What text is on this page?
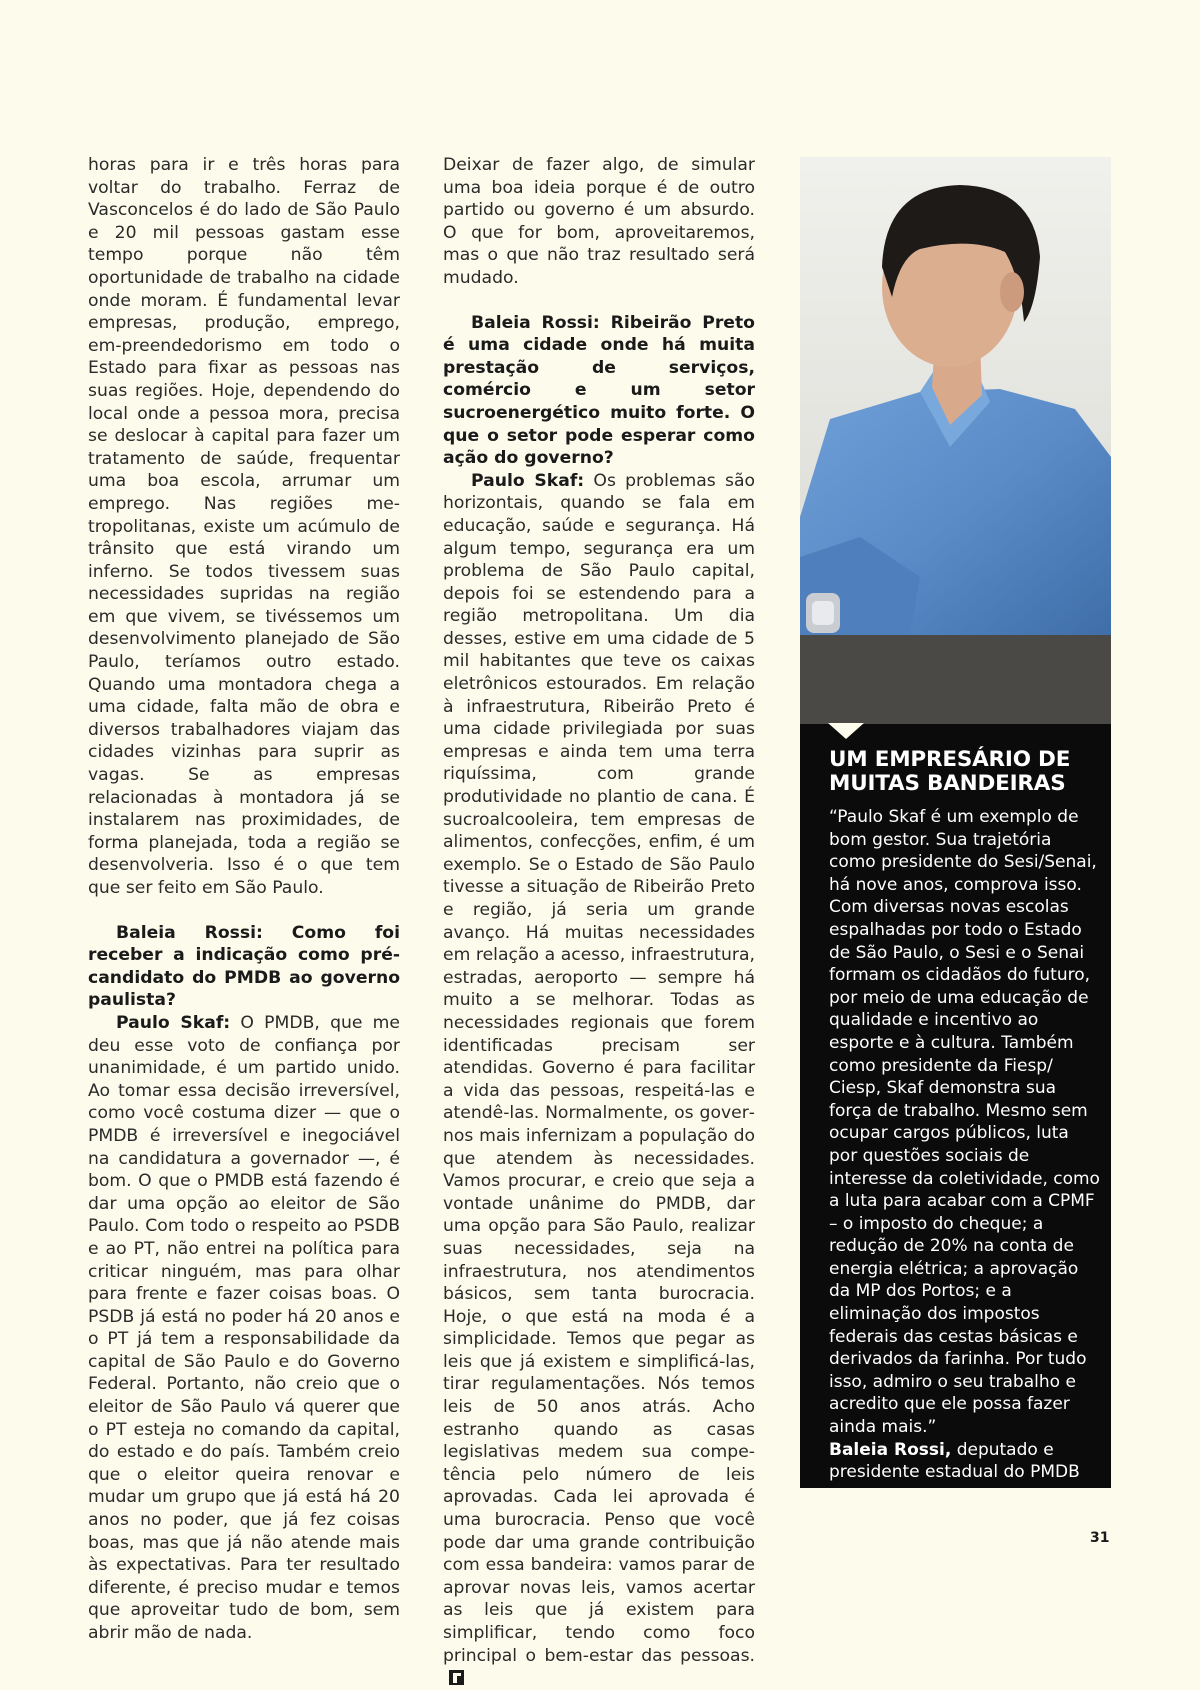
horas para ir e três horas para voltar do trabalho. Ferraz de Vasconcelos é do lado de São Paulo e 20 mil pessoas gastam esse tempo porque não têm oportunidade de trabalho na cidade onde moram. É fundamental levar empresas, produção, emprego, em-preendedorismo em todo o Estado para fixar as pessoas nas suas regiões. Hoje, dependendo do local onde a pessoa mora, precisa se deslocar à capital para fazer um tratamento de saúde, frequentar uma boa escola, arrumar um emprego. Nas regiões metropolitanas, existe um acúmulo de trânsito que está virando um inferno. Se todos tivessem suas necessidades supridas na região em que vivem, se tivéssemos um desenvolvimento planejado de São Paulo, teríamos outro estado. Quando uma montadora chega a uma cidade, falta mão de obra e diversos trabalhadores viajam das cidades vizinhas para suprir as vagas. Se as empresas relacionadas à montadora já se instalarem nas proximidades, de forma planejada, toda a região se desenvolveria. Isso é o que tem que ser feito em São Paulo.

Baleia Rossi: Como foi receber a indicação como pré-candidato do PMDB ao governo paulista?

Paulo Skaf: O PMDB, que me deu esse voto de confiança por unanimidade, é um partido unido. Ao tomar essa decisão irreversível, como você costuma dizer — que o PMDB é irreversível e inegociável na candidatura a governador —, é bom. O que o PMDB está fazendo é dar uma opção ao eleitor de São Paulo. Com todo o respeito ao PSDB e ao PT, não entrei na política para criticar ninguém, mas para olhar para frente e fazer coisas boas. O PSDB já está no poder há 20 anos e o PT já tem a responsabilidade da capital de São Paulo e do Governo Federal. Portanto, não creio que o eleitor de São Paulo vá querer que o PT esteja no comando da capital, do estado e do país. Também creio que o eleitor queira renovar e mudar um grupo que já está há 20 anos no poder, que já fez coisas boas, mas que já não atende mais às expectativas. Para ter resultado diferente, é preciso mudar e temos que aproveitar tudo de bom, sem abrir mão de nada.

Deixar de fazer algo, de simular uma boa ideia porque é de outro partido ou governo é um absurdo. O que for bom, aproveitaremos, mas o que não traz resultado será mudado.

Baleia Rossi: Ribeirão Preto é uma cidade onde há muita prestação de serviços, comércio e um setor sucroenergético muito forte. O que o setor pode esperar como ação do governo?

Paulo Skaf: Os problemas são horizontais, quando se fala em educação, saúde e segurança. Há algum tempo, segurança era um problema de São Paulo capital, depois foi se estendendo para a região metropolitana. Um dia desses, estive em uma cidade de 5 mil habitantes que teve os caixas eletrônicos estourados. Em relação à infraestrutura, Ribeirão Preto é uma cidade privilegiada por suas empresas e ainda tem uma terra riquíssima, com grande produtividade no plantio de cana. É sucroalcooleira, tem empresas de alimentos, confecções, enfim, é um exemplo. Se o Estado de São Paulo tivesse a situação de Ribeirão Preto e região, já seria um grande avanço. Há muitas necessidades em relação a acesso, infraestrutura, estradas, aeroporto — sempre há muito a se melhorar. Todas as necessidades regionais que forem identificadas precisam ser atendidas. Governo é para facilitar a vida das pessoas, respeitá-las e atendê-las. Normalmente, os governos mais infernizam a população do que atendem às necessidades. Vamos procurar, e creio que seja a vontade unânime do PMDB, dar uma opção para São Paulo, realizar suas necessidades, seja na infraestrutura, nos atendimentos básicos, sem tanta burocracia. Hoje, o que está na moda é a simplicidade. Temos que pegar as leis que já existem e simplificá-las, tirar regulamentações. Nós temos leis de 50 anos atrás. Acho estranho quando as casas legislativas medem sua competência pelo número de leis aprovadas. Cada lei aprovada é uma burocracia. Penso que você pode dar uma grande contribuição com essa bandeira: vamos parar de aprovar novas leis, vamos acertar as leis que já existem para simplificar, tendo como foco principal o bem-estar das pessoas.

UM EMPRESÁRIO DE
MUITAS BANDEIRAS

“Paulo Skaf é um exemplo de bom gestor. Sua trajetória como presidente do Sesi/Senai, há nove anos, comprova isso. Com diversas novas escolas espalhadas por todo o Estado de São Paulo, o Sesi e o Senai formam os cidadãos do futuro, por meio de uma educação de qualidade e incentivo ao esporte e à cultura. Também como presidente da Fiesp/ Ciesp, Skaf demonstra sua força de trabalho. Mesmo sem ocupar cargos públicos, luta por questões sociais de interesse da coletividade, como a luta para acabar com a CPMF – o imposto do cheque; a redução de 20% na conta de energia elétrica; a aprovação da MP dos Portos; e a eliminação dos impostos federais das cestas básicas e derivados da farinha. Por tudo isso, admiro o seu trabalho e acredito que ele possa fazer ainda mais.”

Baleia Rossi, deputado e presidente estadual do PMDB

31
